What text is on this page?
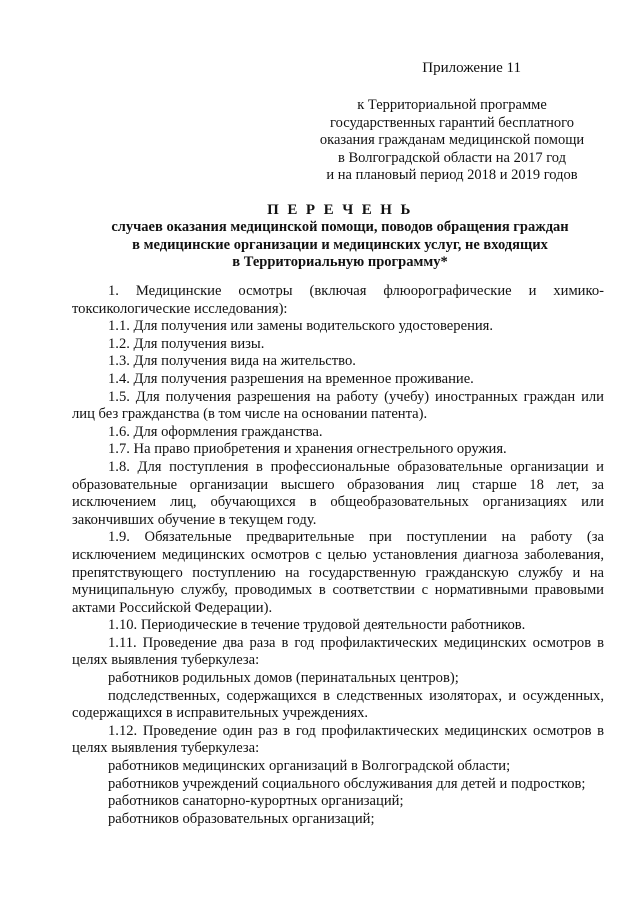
Приложение 11
к Территориальной программе
государственных гарантий бесплатного
оказания гражданам медицинской помощи
в Волгоградской области на 2017 год
и на плановый период 2018 и 2019 годов
П Е Р Е Ч Е Н Ь
случаев оказания медицинской помощи, поводов обращения граждан
в медицинские организации и медицинских услуг, не входящих
в Территориальную программу*

1. Медицинские осмотры (включая флюорографические и химико-токсикологические исследования):

1.1. Для получения или замены водительского удостоверения.

1.2. Для получения визы.

1.3. Для получения вида на жительство.

1.4. Для получения разрешения на временное проживание.

1.5. Для получения разрешения на работу (учебу) иностранных граждан или лиц без гражданства (в том числе на основании патента).

1.6. Для оформления гражданства.

1.7. На право приобретения и хранения огнестрельного оружия.

1.8. Для поступления в профессиональные образовательные организации и образовательные организации высшего образования лиц старше 18 лет, за исключением лиц, обучающихся в общеобразовательных организациях или закончивших обучение в текущем году.

1.9. Обязательные предварительные при поступлении на работу (за исключением медицинских осмотров с целью установления диагноза заболевания, препятствующего поступлению на государственную гражданскую службу и на муниципальную службу, проводимых в соответствии с нормативными правовыми актами Российской Федерации).

1.10. Периодические в течение трудовой деятельности работников.

1.11. Проведение два раза в год профилактических медицинских осмотров в целях выявления туберкулеза:

работников родильных домов (перинатальных центров);

подследственных, содержащихся в следственных изоляторах, и осужденных, содержащихся в исправительных учреждениях.

1.12. Проведение один раз в год профилактических медицинских осмотров в целях выявления туберкулеза:

работников медицинских организаций в Волгоградской области;

работников учреждений социального обслуживания для детей и подростков;

работников санаторно-курортных организаций;

работников образовательных организаций;
